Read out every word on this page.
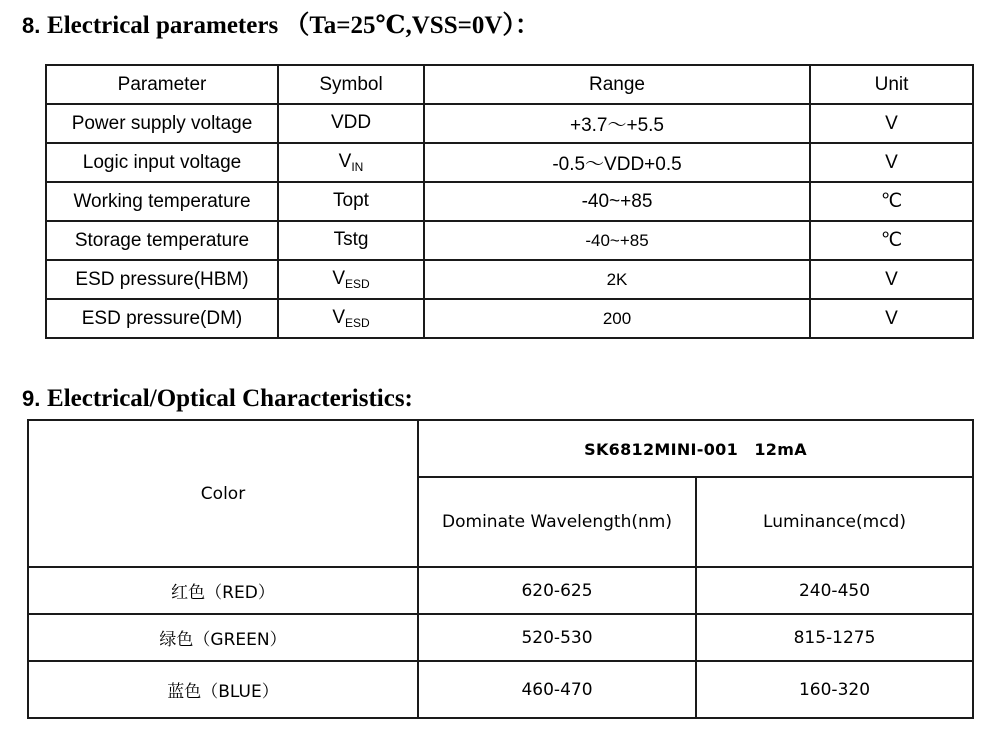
8. Electrical parameters （Ta=25℃,VSS=0V）：
Parameter	Symbol	Range	Unit
Power supply voltage	VDD	+3.7～+5.5	V
Logic input voltage	$V_{IN}$	-0.5～VDD+0.5	V
Working temperature	Topt	-40~+85	℃
Storage temperature	Tstg	-40~+85	℃
ESD pressure(HBM)	$V_{ESD}$	2K	V
ESD pressure(DM)	$V_{ESD}$	200	V
9. Electrical/Optical Characteristics:
Color	SK6812MINI-001　12mA	
	Dominate Wavelength(nm)	Luminance(mcd)
红色（RED）	620-625	240-450
绿色（GREEN）	520-530	815-1275
蓝色（BLUE）	460-470	160-320
